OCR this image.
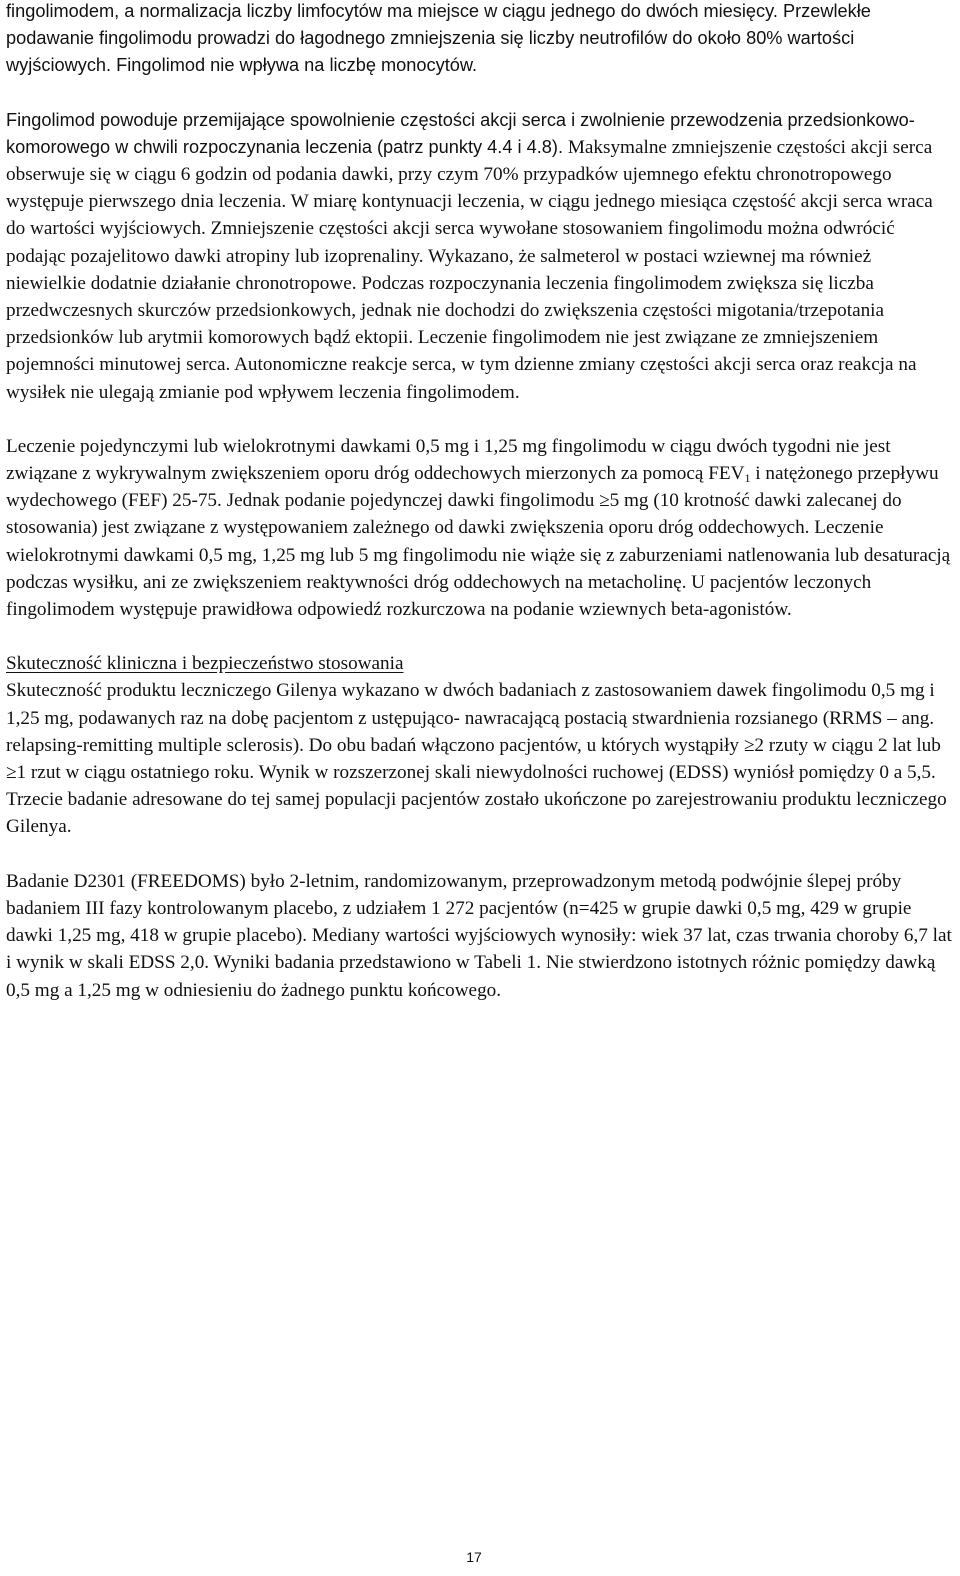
fingolimodem, a normalizacja liczby limfocytów ma miejsce w ciągu jednego do dwóch miesięcy. Przewlekłe podawanie fingolimodu prowadzi do łagodnego zmniejszenia się liczby neutrofilów do około 80% wartości wyjściowych. Fingolimod nie wpływa na liczbę monocytów.

Fingolimod powoduje przemijające spowolnienie częstości akcji serca i zwolnienie przewodzenia przedsionkowo-komorowego w chwili rozpoczynania leczenia (patrz punkty 4.4 i 4.8). Maksymalne zmniejszenie częstości akcji serca obserwuje się w ciągu 6 godzin od podania dawki, przy czym 70% przypadków ujemnego efektu chronotropowego występuje pierwszego dnia leczenia. W miarę kontynuacji leczenia, w ciągu jednego miesiąca częstość akcji serca wraca do wartości wyjściowych. Zmniejszenie częstości akcji serca wywołane stosowaniem fingolimodu można odwrócić podając pozajelitowo dawki atropiny lub izoprenaliny. Wykazano, że salmeterol w postaci wziewnej ma również niewielkie dodatnie działanie chronotropowe. Podczas rozpoczynania leczenia fingolimodem zwiększa się liczba przedwczesnych skurczów przedsionkowych, jednak nie dochodzi do zwiększenia częstości migotania/trzepotania przedsionków lub arytmii komorowych bądź ektopii. Leczenie fingolimodem nie jest związane ze zmniejszeniem pojemności minutowej serca. Autonomiczne reakcje serca, w tym dzienne zmiany częstości akcji serca oraz reakcja na wysiłek nie ulegają zmianie pod wpływem leczenia fingolimodem.

Leczenie pojedynczymi lub wielokrotnymi dawkami 0,5 mg i 1,25 mg fingolimodu w ciągu dwóch tygodni nie jest związane z wykrywalnym zwiększeniem oporu dróg oddechowych mierzonych za pomocą $FEV_1$ i natężonego przepływu wydechowego (FEF) 25-75. Jednak podanie pojedynczej dawki fingolimodu ≥5 mg (10 krotność dawki zalecanej do stosowania) jest związane z występowaniem zależnego od dawki zwiększenia oporu dróg oddechowych. Leczenie wielokrotnymi dawkami 0,5 mg, 1,25 mg lub 5 mg fingolimodu nie wiąże się z zaburzeniami natlenowania lub desaturacją podczas wysiłku, ani ze zwiększeniem reaktywności dróg oddechowych na metacholinę. U pacjentów leczonych fingolimodem występuje prawidłowa odpowiedź rozkurczowa na podanie wziewnych beta-agonistów.

Skuteczność kliniczna i bezpieczeństwo stosowania

Skuteczność produktu leczniczego Gilenya wykazano w dwóch badaniach z zastosowaniem dawek fingolimodu 0,5 mg i 1,25 mg, podawanych raz na dobę pacjentom z ustępująco- nawracającą postacią stwardnienia rozsianego (RRMS – ang. relapsing-remitting multiple sclerosis). Do obu badań włączono pacjentów, u których wystąpiły ≥2 rzuty w ciągu 2 lat lub ≥1 rzut w ciągu ostatniego roku. Wynik w rozszerzonej skali niewydolności ruchowej (EDSS) wyniósł pomiędzy 0 a 5,5. Trzecie badanie adresowane do tej samej populacji pacjentów zostało ukończone po zarejestrowaniu produktu leczniczego Gilenya.

Badanie D2301 (FREEDOMS) było 2-letnim, randomizowanym, przeprowadzonym metodą podwójnie ślepej próby badaniem III fazy kontrolowanym placebo, z udziałem 1 272 pacjentów (n=425 w grupie dawki 0,5 mg, 429 w grupie dawki 1,25 mg, 418 w grupie placebo). Mediany wartości wyjściowych wynosiły: wiek 37 lat, czas trwania choroby 6,7 lat i wynik w skali EDSS 2,0. Wyniki badania przedstawiono w Tabeli 1. Nie stwierdzono istotnych różnic pomiędzy dawką 0,5 mg a 1,25 mg w odniesieniu do żadnego punktu końcowego.

17
